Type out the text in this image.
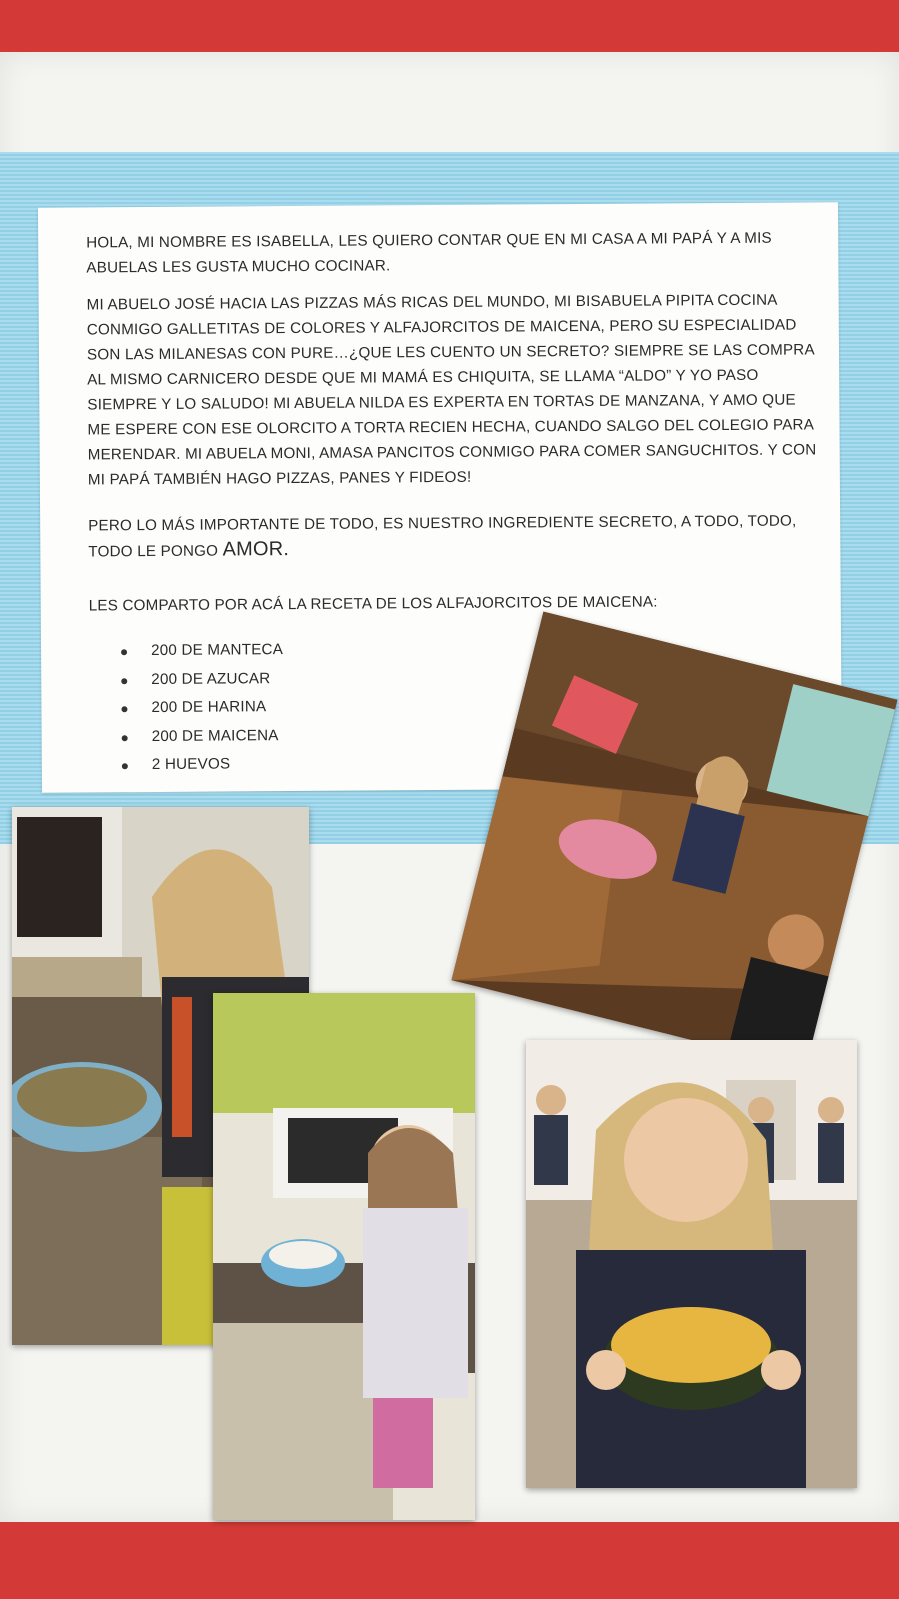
HOLA, MI NOMBRE ES ISABELLA, LES QUIERO CONTAR QUE EN MI CASA A MI PAPÁ Y A MIS ABUELAS LES GUSTA MUCHO COCINAR.

MI ABUELO JOSÉ HACIA LAS PIZZAS MÁS RICAS DEL MUNDO, MI BISABUELA PIPITA COCINA CONMIGO GALLETITAS DE COLORES Y ALFAJORCITOS DE MAICENA, PERO SU ESPECIALIDAD SON LAS MILANESAS CON PURE…¿QUE LES CUENTO UN SECRETO? SIEMPRE SE LAS COMPRA AL MISMO CARNICERO DESDE QUE MI MAMÁ ES CHIQUITA, SE LLAMA “ALDO” Y YO PASO SIEMPRE Y LO SALUDO! MI ABUELA NILDA ES EXPERTA EN TORTAS DE MANZANA, Y AMO QUE ME ESPERE CON ESE OLORCITO A TORTA RECIEN HECHA, CUANDO SALGO DEL COLEGIO PARA MERENDAR. MI ABUELA MONI, AMASA PANCITOS CONMIGO PARA COMER SANGUCHITOS. Y CON MI PAPÁ TAMBIÉN HAGO PIZZAS, PANES Y FIDEOS!

PERO LO MÁS IMPORTANTE DE TODO, ES NUESTRO INGREDIENTE SECRETO, A TODO, TODO, TODO LE PONGO AMOR.

LES COMPARTO POR ACÁ LA RECETA DE LOS ALFAJORCITOS DE MAICENA:

200 DE MANTECA
200 DE AZUCAR
200 DE HARINA
200 DE MAICENA
2 HUEVOS
